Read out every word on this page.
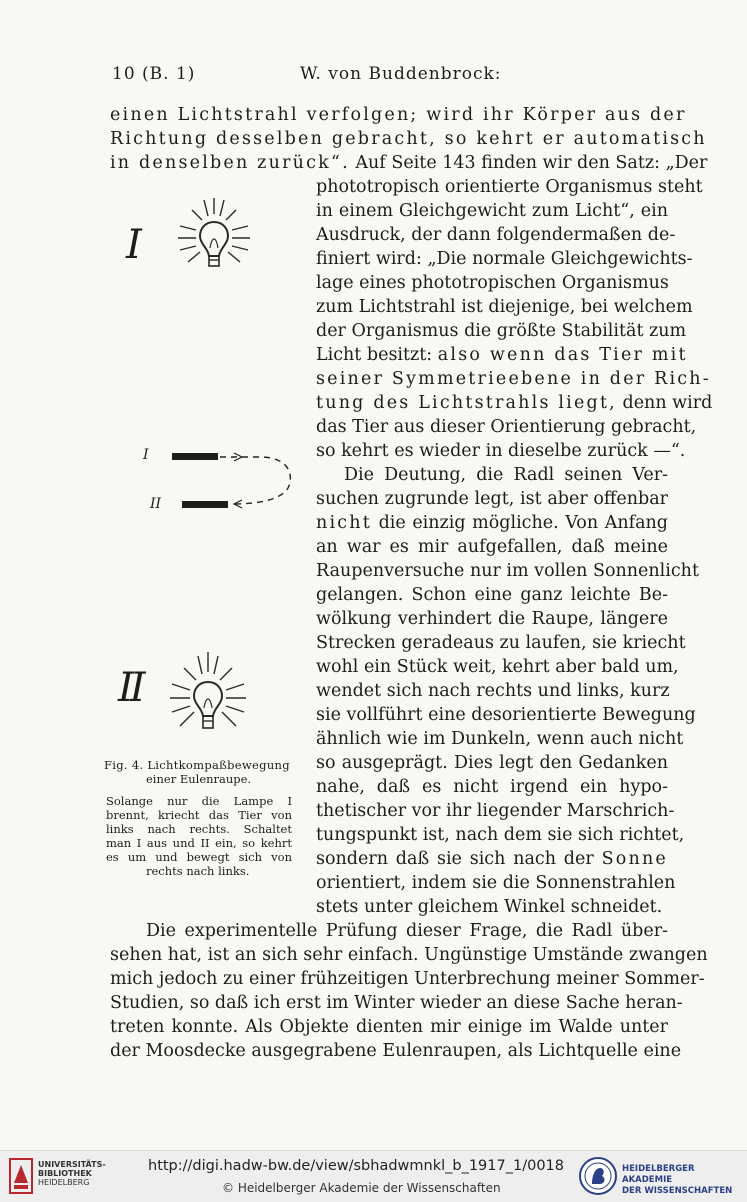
10 (B. 1)	W. von Buddenbrock:
einen Lichtstrahl verfolgen; wird ihr Körper aus der
Richtung desselben gebracht, so kehrt er automatisch
in denselben zurück“. Auf Seite 143 finden wir den Satz: „Der
phototropisch orientierte Organismus steht
in einem Gleichgewicht zum Licht“, ein
Ausdruck, der dann folgendermaßen de-
finiert wird: „Die normale Gleichgewichts-
lage eines phototropischen Organismus
zum Lichtstrahl ist diejenige, bei welchem
der Organismus die größte Stabilität zum
Licht besitzt: also wenn das Tier mit
seiner Symmetrieebene in der Rich-
tung des Lichtstrahls liegt, denn wird
das Tier aus dieser Orientierung gebracht,
so kehrt es wieder in dieselbe zurück —“.
Die Deutung, die Radl seinen Ver-
suchen zugrunde legt, ist aber offenbar
nicht die einzig mögliche. Von Anfang
an war es mir aufgefallen, daß meine
Raupenversuche nur im vollen Sonnenlicht
gelangen. Schon eine ganz leichte Be-
wölkung verhindert die Raupe, längere
Strecken geradeaus zu laufen, sie kriecht
wohl ein Stück weit, kehrt aber bald um,
wendet sich nach rechts und links, kurz
sie vollführt eine desorientierte Bewegung
ähnlich wie im Dunkeln, wenn auch nicht
so ausgeprägt. Dies legt den Gedanken
nahe, daß es nicht irgend ein hypo-
thetischer vor ihr liegender Marschrich-
tungspunkt ist, nach dem sie sich richtet,
sondern daß sie sich nach der Sonne
orientiert, indem sie die Sonnenstrahlen
stets unter gleichem Winkel schneidet.
Die experimentelle Prüfung dieser Frage, die Radl über-
sehen hat, ist an sich sehr einfach. Ungünstige Umstände zwangen
mich jedoch zu einer frühzeitigen Unterbrechung meiner Sommer-
Studien, so daß ich erst im Winter wieder an diese Sache heran-
treten konnte. Als Objekte dienten mir einige im Walde unter
der Moosdecke ausgegrabene Eulenraupen, als Lichtquelle eine
I
I
II
II
Fig. 4. Lichtkompaßbewegung
einer Eulenraupe.
Solange nur die Lampe I
brennt, kriecht das Tier von
links nach rechts. Schaltet
man I aus und II ein, so kehrt
es um und bewegt sich von
rechts nach links.
UNIVERSITÄTS-
BIBLIOTHEK
HEIDELBERG
http://digi.hadw-bw.de/view/sbhadwmnkl_b_1917_1/0018
© Heidelberger Akademie der Wissenschaften
HEIDELBERGER AKADEMIE
DER WISSENSCHAFTEN
